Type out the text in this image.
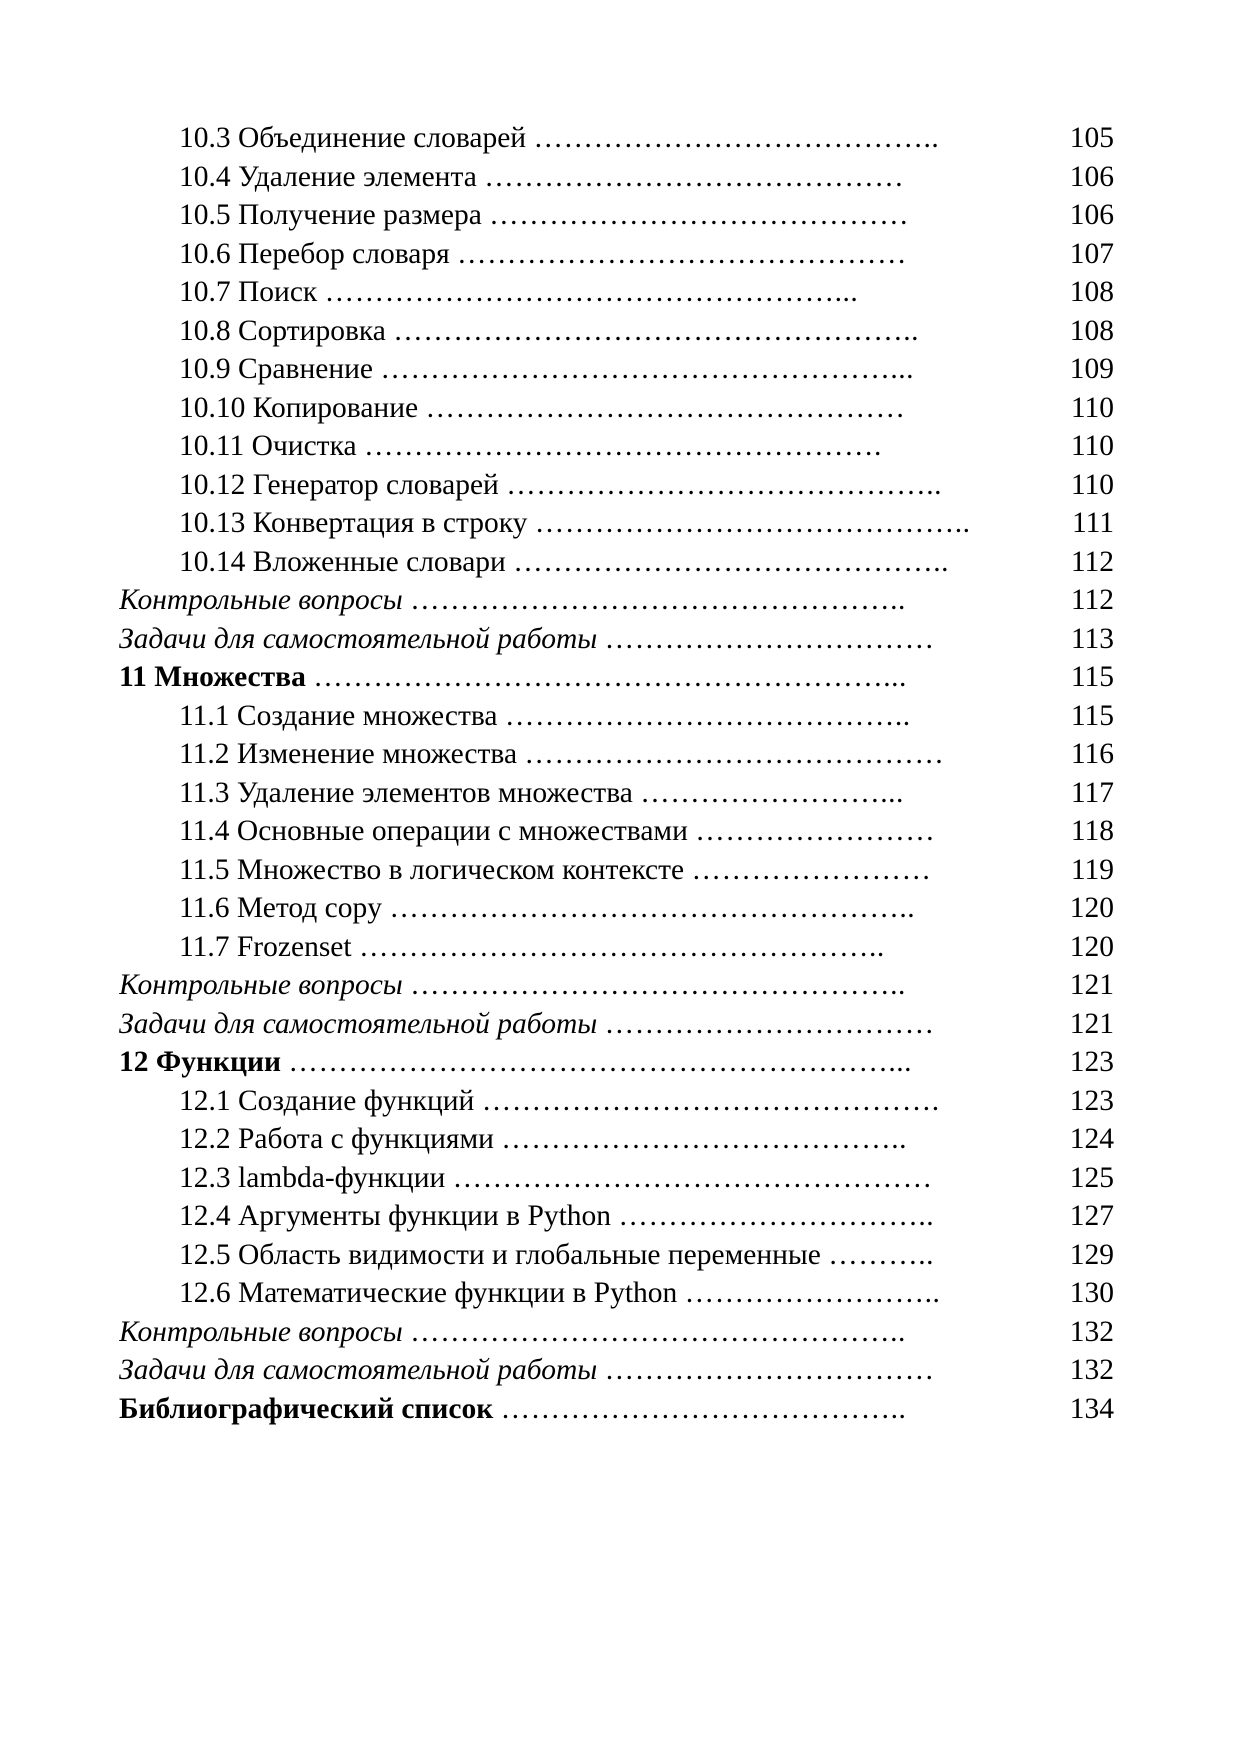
10.3 Объединение словарей …………………………………..	105
10.4 Удаление элемента ……………………………………	106
10.5 Получение размера ……………………………………	106
10.6 Перебор словаря ………………………………………	107
10.7 Поиск ……………………………………………...	108
10.8 Сортировка ……………………………………………..	108
10.9 Сравнение ……………………………………………...	109
10.10 Копирование …………………………………………	110
10.11 Очистка …………………………………………….	110
10.12 Генератор словарей ……………………………………..	110
10.13 Конвертация в строку ……………………………………..	111
10.14 Вложенные словари ……………………………………..	112
Контрольные вопросы …………………………………………..	112
Задачи для самостоятельной работы ……………………………	113
11 Множества …………………………………………………...	115
11.1 Создание множества …………………………………..	115
11.2 Изменение множества ……………………………………	116
11.3 Удаление элементов множества ……………………...	117
11.4 Основные операции с множествами ……………………	118
11.5 Множество в логическом контексте ……………………	119
11.6 Метод copy ……………………………………………..	120
11.7 Frozenset ……………………………………………..	120
Контрольные вопросы …………………………………………..	121
Задачи для самостоятельной работы ……………………………	121
12 Функции ……………………………………………………...	123
12.1 Создание функций ……………………………………….	123
12.2 Работа с функциями …………………………………..	124
12.3 lambda-функции …………………………………………	125
12.4 Аргументы функции в Python …………………………..	127
12.5 Область видимости и глобальные переменные ………..	129
12.6 Математические функции в Python ……………………..	130
Контрольные вопросы …………………………………………..	132
Задачи для самостоятельной работы ……………………………	132
Библиографический список …………………………………..	134
